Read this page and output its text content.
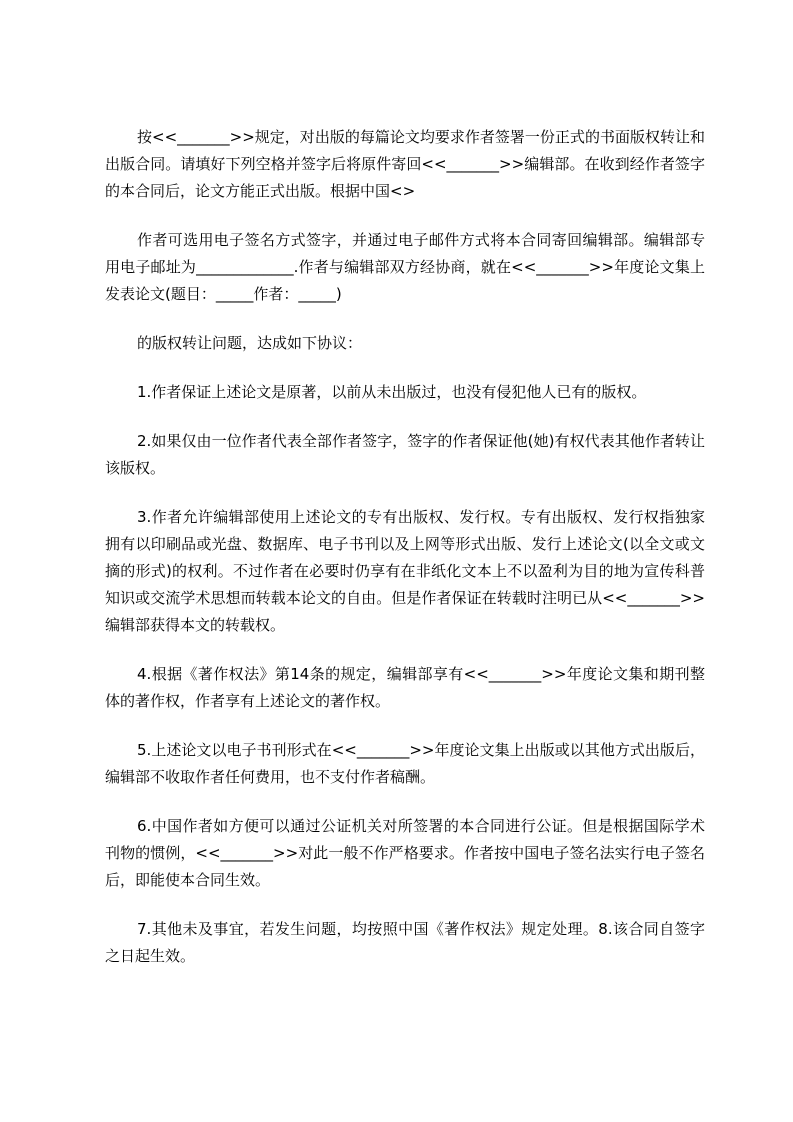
按<<_______>>规定，对出版的每篇论文均要求作者签署一份正式的书面版权转让和出版合同。请填好下列空格并签字后将原件寄回<<_______>>编辑部。在收到经作者签字的本合同后，论文方能正式出版。根据中国<>

作者可选用电子签名方式签字，并通过电子邮件方式将本合同寄回编辑部。编辑部专用电子邮址为_____________.作者与编辑部双方经协商，就在<<_______>>年度论文集上发表论文(题目：_____作者：_____)

的版权转让问题，达成如下协议：

1.作者保证上述论文是原著，以前从未出版过，也没有侵犯他人已有的版权。

2.如果仅由一位作者代表全部作者签字，签字的作者保证他(她)有权代表其他作者转让该版权。

3.作者允许编辑部使用上述论文的专有出版权、发行权。专有出版权、发行权指独家拥有以印刷品或光盘、数据库、电子书刊以及上网等形式出版、发行上述论文(以全文或文摘的形式)的权利。不过作者在必要时仍享有在非纸化文本上不以盈利为目的地为宣传科普知识或交流学术思想而转载本论文的自由。但是作者保证在转载时注明已从<<_______>>编辑部获得本文的转载权。

4.根据《著作权法》第14条的规定，编辑部享有<<_______>>年度论文集和期刊整体的著作权，作者享有上述论文的著作权。

5.上述论文以电子书刊形式在<<_______>>年度论文集上出版或以其他方式出版后，编辑部不收取作者任何费用，也不支付作者稿酬。

6.中国作者如方便可以通过公证机关对所签署的本合同进行公证。但是根据国际学术刊物的惯例，<<_______>>对此一般不作严格要求。作者按中国电子签名法实行电子签名后，即能使本合同生效。

7.其他未及事宜，若发生问题，均按照中国《著作权法》规定处理。8.该合同自签字之日起生效。
